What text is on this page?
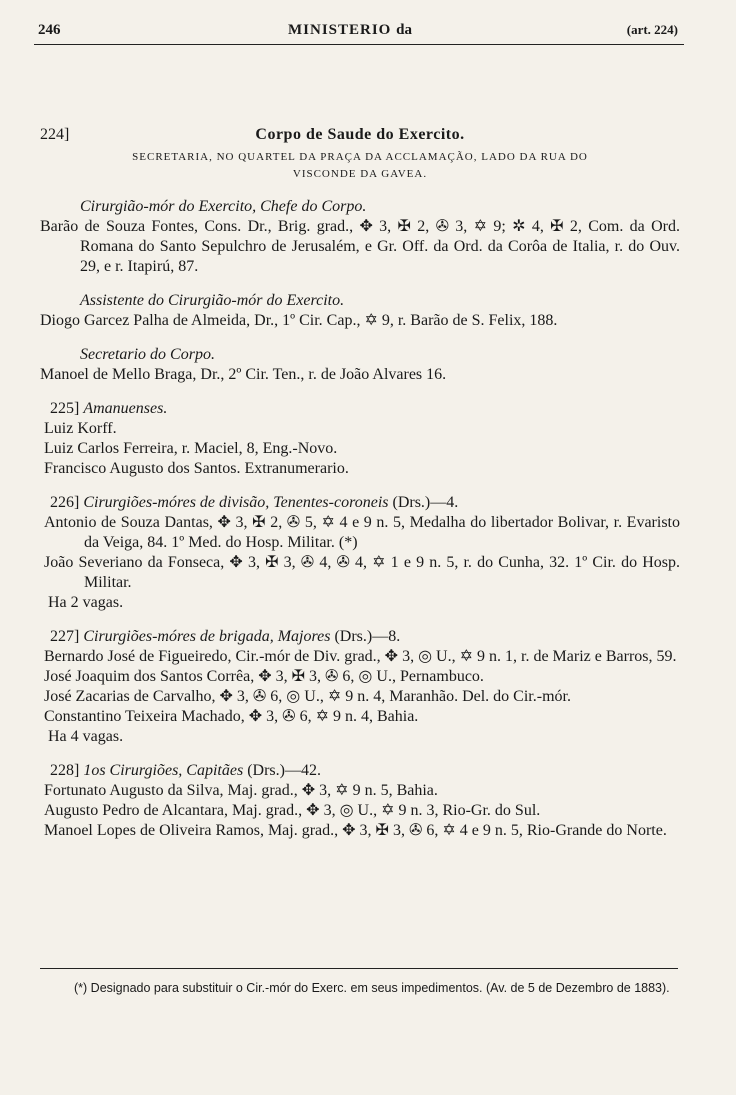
246	MINISTERIO da	(art. 224)
224]	Corpo de Saude do Exercito.
SECRETARIA, NO QUARTEL DA PRAÇA DA ACCLAMAÇÃO, LADO DA RUA DO
VISCONDE DA GAVEA.
Cirurgião-mór do Exercito, Chefe do Corpo.
Barão de Souza Fontes, Cons. Dr., Brig. grad., ✥ 3, ✠ 2, ✇ 3, ✡ 9; ✲ 4, ✠ 2, Com. da Ord. Romana do Santo Sepulchro de Jerusalém, e Gr. Off. da Ord. da Corôa de Italia, r. do Ouv. 29, e r. Itapirú, 87.
Assistente do Cirurgião-mór do Exercito.
Diogo Garcez Palha de Almeida, Dr., 1º Cir. Cap., ✡ 9, r. Barão de S. Felix, 188.
Secretario do Corpo.
Manoel de Mello Braga, Dr., 2º Cir. Ten., r. de João Alvares 16.
225] Amanuenses.
Luiz Korff.
Luiz Carlos Ferreira, r. Maciel, 8, Eng.-Novo.
Francisco Augusto dos Santos. Extranumerario.
226] Cirurgiões-móres de divisão, Tenentes-coroneis (Drs.)—4.
Antonio de Souza Dantas, ✥ 3, ✠ 2, ✇ 5, ✡ 4 e 9 n. 5, Medalha do libertador Bolivar, r. Evaristo da Veiga, 84. 1º Med. do Hosp. Militar. (*)
João Severiano da Fonseca, ✥ 3, ✠ 3, ✇ 4, ✇ 4, ✡ 1 e 9 n. 5, r. do Cunha, 32. 1º Cir. do Hosp. Militar.
Ha 2 vagas.
227] Cirurgiões-móres de brigada, Majores (Drs.)—8.
Bernardo José de Figueiredo, Cir.-mór de Div. grad., ✥ 3, ◎ U., ✡ 9 n. 1, r. de Mariz e Barros, 59.
José Joaquim dos Santos Corrêa, ✥ 3, ✠ 3, ✇ 6, ◎ U., Pernambuco.
José Zacarias de Carvalho, ✥ 3, ✇ 6, ◎ U., ✡ 9 n. 4, Maranhão. Del. do Cir.-mór.
Constantino Teixeira Machado, ✥ 3, ✇ 6, ✡ 9 n. 4, Bahia.
Ha 4 vagas.
228] 1os Cirurgiões, Capitães (Drs.)—42.
Fortunato Augusto da Silva, Maj. grad., ✥ 3, ✡ 9 n. 5, Bahia.
Augusto Pedro de Alcantara, Maj. grad., ✥ 3, ◎ U., ✡ 9 n. 3, Rio-Gr. do Sul.
Manoel Lopes de Oliveira Ramos, Maj. grad., ✥ 3, ✠ 3, ✇ 6, ✡ 4 e 9 n. 5, Rio-Grande do Norte.
(*) Designado para substituir o Cir.-mór do Exerc. em seus impedimentos. (Av. de 5 de Dezembro de 1883).
